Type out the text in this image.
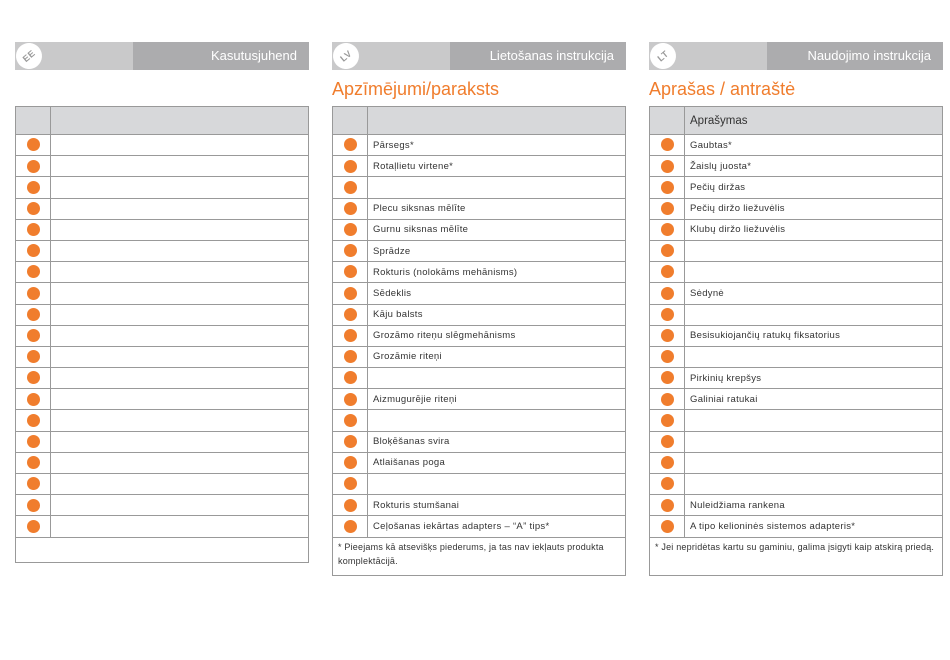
EE	Kasutusjuhend

		LV	Lietošanas instrukcija
Apzīmējumi/paraksts

	Pārsegs*
	Rotaļlietu virtene*

	Plecu siksnas mēlīte
	Gurnu siksnas mēlīte
	Sprādze
	Rokturis (nolokāms mehānisms)
	Sēdeklis
	Kāju balsts
	Grozāmo riteņu slēgmehānisms
	Grozāmie riteņi

	Aizmugurējie riteņi

	Bloķēšanas svira
	Atlaišanas poga

	Rokturis stumšanai
	Ceļošanas iekārtas adapters – “A” tips*
* Pieejams kā atsevišķs piederums, ja tas nav iekļauts produkta komplektācijā.	
LT	Naudojimo instrukcija
Aprašas / antraštė
	Aprašymas
	Gaubtas*
	Žaislų juosta*
	Pečių diržas
	Pečių diržo liežuvėlis
	Klubų diržo liežuvėlis

	Sėdynė

	Besisukiojančių ratukų fiksatorius

	Pirkinių krepšys
	Galiniai ratukai

	Nuleidžiama rankena
	A tipo kelioninės sistemos adapteris*
* Jei nepridėtas kartu su gaminiu, galima įsigyti kaip atskirą priedą.	
